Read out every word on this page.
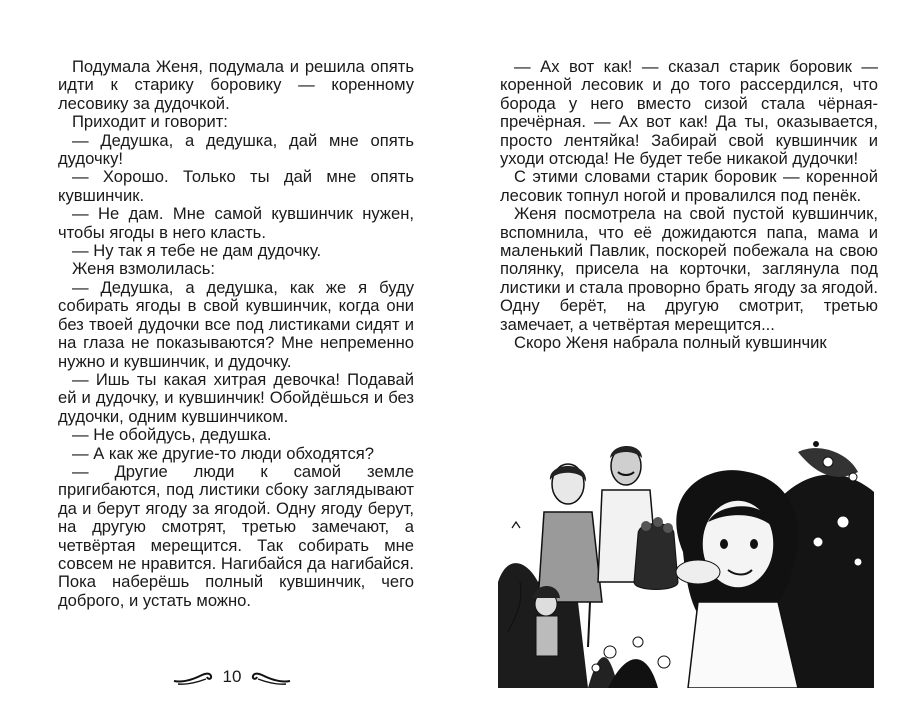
Подумала Женя, подумала и решила опять идти к старику боровику — коренному лесовику за дудочкой.

Приходит и говорит:

— Дедушка, а дедушка, дай мне опять дудочку!

— Хорошо. Только ты дай мне опять кувшинчик.

— Не дам. Мне самой кувшинчик нужен, чтобы ягоды в него класть.

— Ну так я тебе не дам дудочку.

Женя взмолилась:

— Дедушка, а дедушка, как же я буду собирать ягоды в свой кувшинчик, когда они без твоей дудочки все под листиками сидят и на глаза не показываются? Мне непременно нужно и кувшинчик, и дудочку.

— Ишь ты какая хитрая девочка! Подавай ей и дудочку, и кувшинчик! Обойдёшься и без дудочки, одним кувшинчиком.

— Не обойдусь, дедушка.

— А как же другие-то люди обходятся?

— Другие люди к самой земле пригибаются, под листики сбоку заглядывают да и берут ягоду за ягодой. Одну ягоду берут, на другую смотрят, третью замечают, а четвёртая мерещится. Так собирать мне совсем не нравится. Нагибайся да нагибайся. Пока наберёшь полный кувшинчик, чего доброго, и устать можно.

10

— Ах вот как! — сказал старик боровик — коренной лесовик и до того рассердился, что борода у него вместо сизой стала чёрная-пречёрная. — Ах вот как! Да ты, оказывается, просто лентяйка! Забирай свой кувшинчик и уходи отсюда! Не будет тебе никакой дудочки!

С этими словами старик боровик — коренной лесовик топнул ногой и провалился под пенёк.

Женя посмотрела на свой пустой кувшинчик, вспомнила, что её дожидаются папа, мама и маленький Павлик, поскорей побежала на свою полянку, присела на корточки, заглянула под листики и стала проворно брать ягоду за ягодой. Одну берёт, на другую смотрит, третью замечает, а четвёртая мерещится...

Скоро Женя набрала полный кувшинчик
